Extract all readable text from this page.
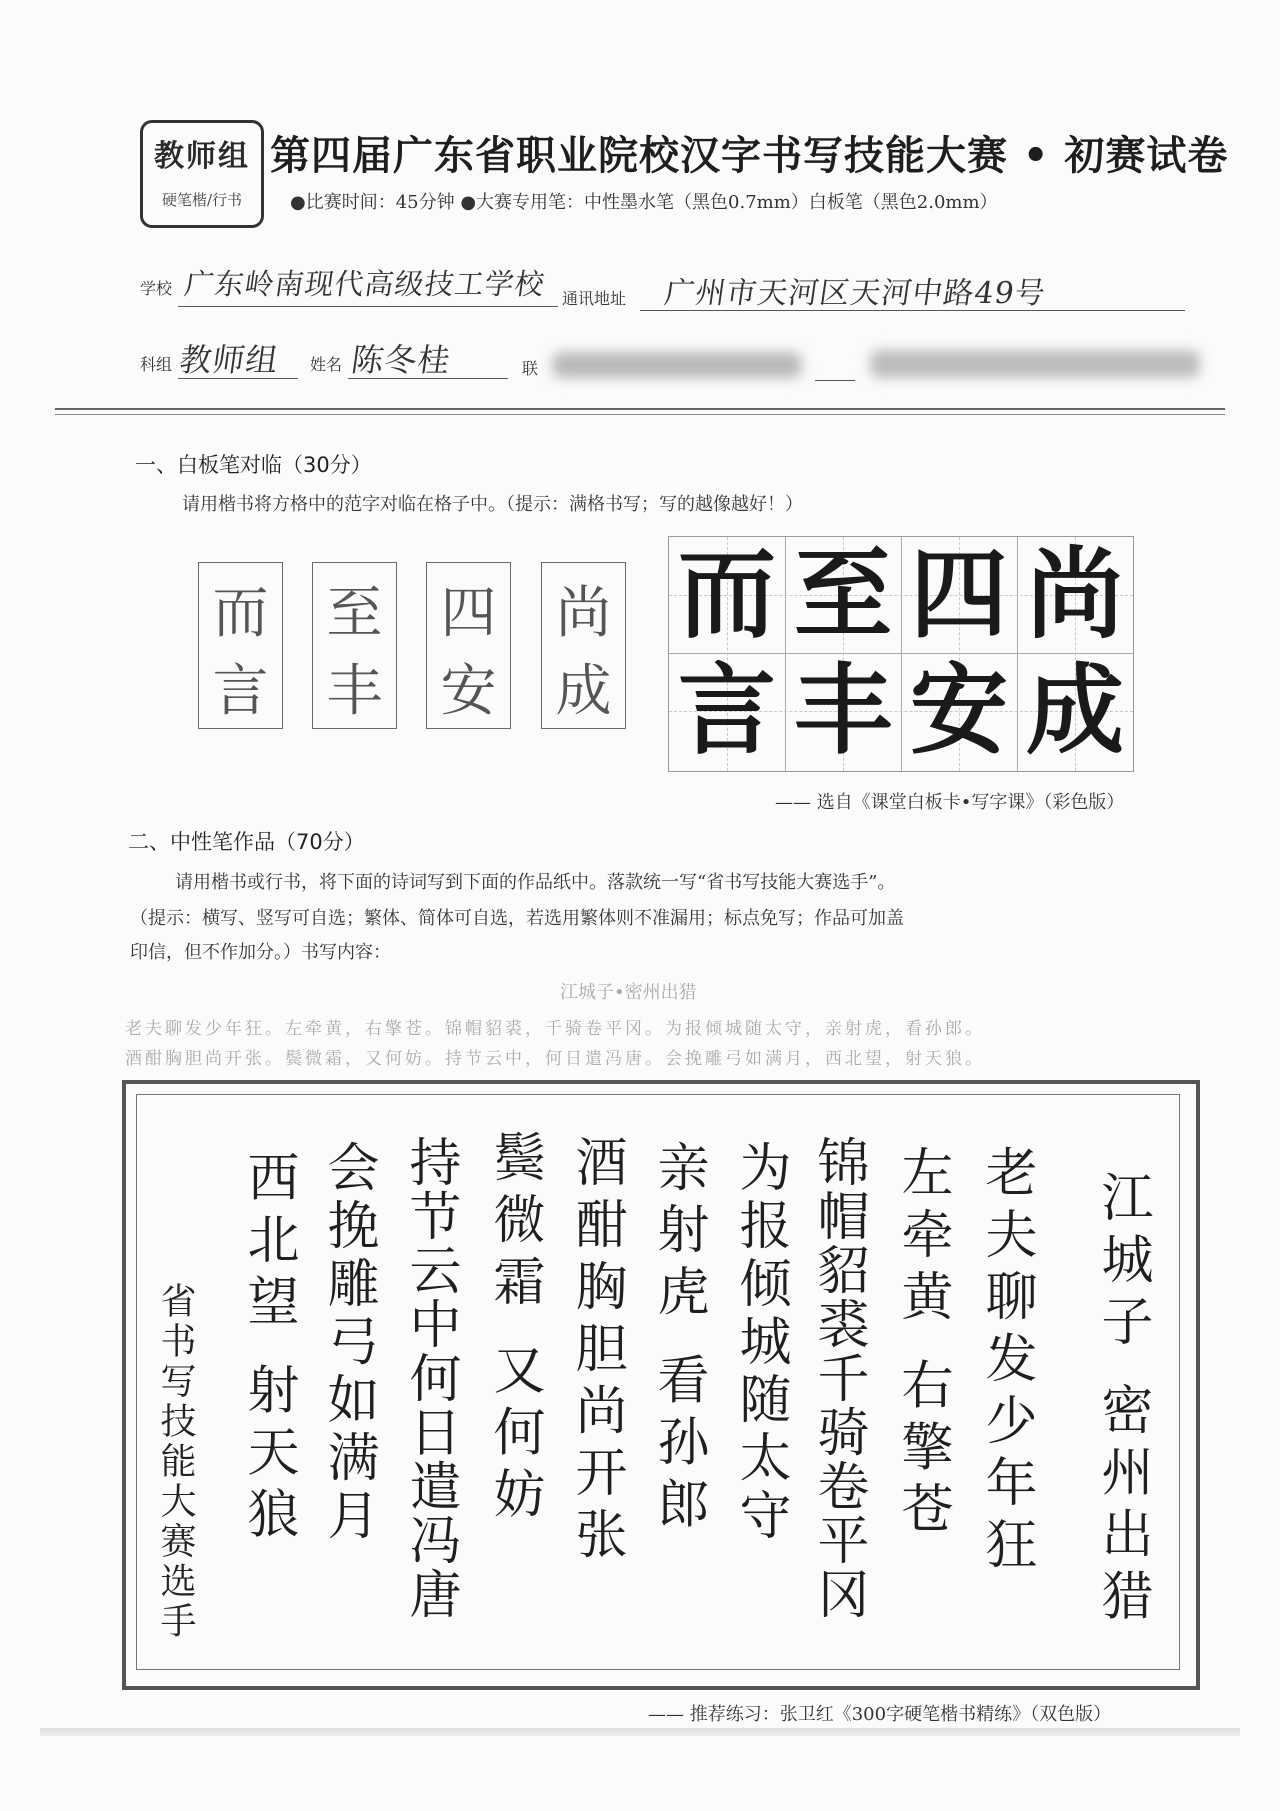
教师组
硬笔楷/行书
第四届广东省职业院校汉字书写技能大赛 • 初赛试卷
●比赛时间：45分钟 ●大赛专用笔：中性墨水笔（黑色0.7mm）白板笔（黑色2.0mm）
学校 广东岭南现代高级技工学校 通讯地址 广州市天河区天河中路49号
科组 教师组 姓名 陈冬桂	联
一、白板笔对临（30分）
请用楷书将方格中的范字对临在格子中。（提示：满格书写；写的越像越好！）
而
言
至
丰
四
安
尚
成
而 至 四 尚
言 丰 安 成
—— 选自《课堂白板卡•写字课》（彩色版）
二、中性笔作品（70分）
请用楷书或行书，将下面的诗词写到下面的作品纸中。落款统一写“省书写技能大赛选手”。
（提示：横写、竖写可自选；繁体、简体可自选，若选用繁体则不准漏用；标点免写；作品可加盖
印信，但不作加分。）书写内容：
江城子•密州出猎
老夫聊发少年狂。左牵黄，右擎苍。锦帽貂裘，千骑卷平冈。为报倾城随太守，亲射虎，看孙郎。
酒酣胸胆尚开张。鬓微霜，又何妨。持节云中，何日遣冯唐。会挽雕弓如满月，西北望，射天狼。
江城子 密州出猎
老夫聊发少年狂
左牵黄 右擎苍
锦帽貂裘千骑卷平冈
为报倾城随太守
亲射虎 看孙郎
酒酣胸胆尚开张
鬓微霜 又何妨
持节云中何日遣冯唐
会挽雕弓如满月
西北望 射天狼
省书写技能大赛选手
—— 推荐练习：张卫红《300字硬笔楷书精练》（双色版）
